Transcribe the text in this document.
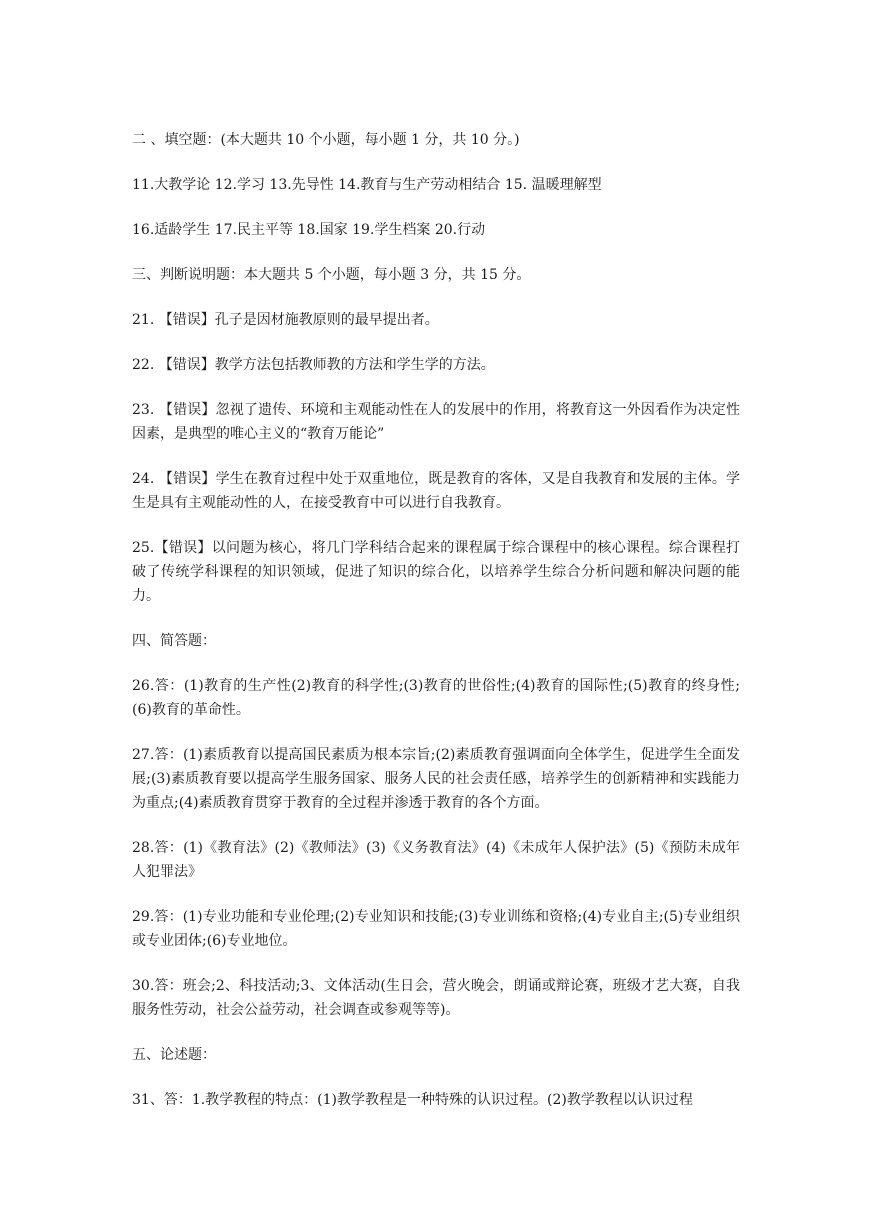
二 、填空题：(本大题共 10 个小题，每小题 1 分，共 10 分。)

11.大教学论 12.学习 13.先导性 14.教育与生产劳动相结合 15. 温暖理解型

16.适龄学生 17.民主平等 18.国家 19.学生档案 20.行动

三、判断说明题：本大题共 5 个小题，每小题 3 分，共 15 分。

21. 【错误】孔子是因材施教原则的最早提出者。

22. 【错误】教学方法包括教师教的方法和学生学的方法。

23. 【错误】忽视了遗传、环境和主观能动性在人的发展中的作用，将教育这一外因看作为决定性因素，是典型的唯心主义的“教育万能论”

24. 【错误】学生在教育过程中处于双重地位，既是教育的客体，又是自我教育和发展的主体。学生是具有主观能动性的人，在接受教育中可以进行自我教育。

25.【错误】以问题为核心，将几门学科结合起来的课程属于综合课程中的核心课程。综合课程打破了传统学科课程的知识领域，促进了知识的综合化，以培养学生综合分析问题和解决问题的能力。

四、简答题：

26.答：(1)教育的生产性(2)教育的科学性;(3)教育的世俗性;(4)教育的国际性;(5)教育的终身性;(6)教育的革命性。

27.答：(1)素质教育以提高国民素质为根本宗旨;(2)素质教育强调面向全体学生，促进学生全面发展;(3)素质教育要以提高学生服务国家、服务人民的社会责任感，培养学生的创新精神和实践能力为重点;(4)素质教育贯穿于教育的全过程并渗透于教育的各个方面。

28.答：(1)《教育法》(2)《教师法》(3)《义务教育法》(4)《未成年人保护法》(5)《预防未成年人犯罪法》

29.答：(1)专业功能和专业伦理;(2)专业知识和技能;(3)专业训练和资格;(4)专业自主;(5)专业组织或专业团体;(6)专业地位。

30.答：班会;2、科技活动;3、文体活动(生日会，营火晚会，朗诵或辩论赛，班级才艺大赛，自我服务性劳动，社会公益劳动，社会调查或参观等等)。

五、论述题：

31、答：1.教学教程的特点：(1)教学教程是一种特殊的认识过程。(2)教学教程以认识过程
